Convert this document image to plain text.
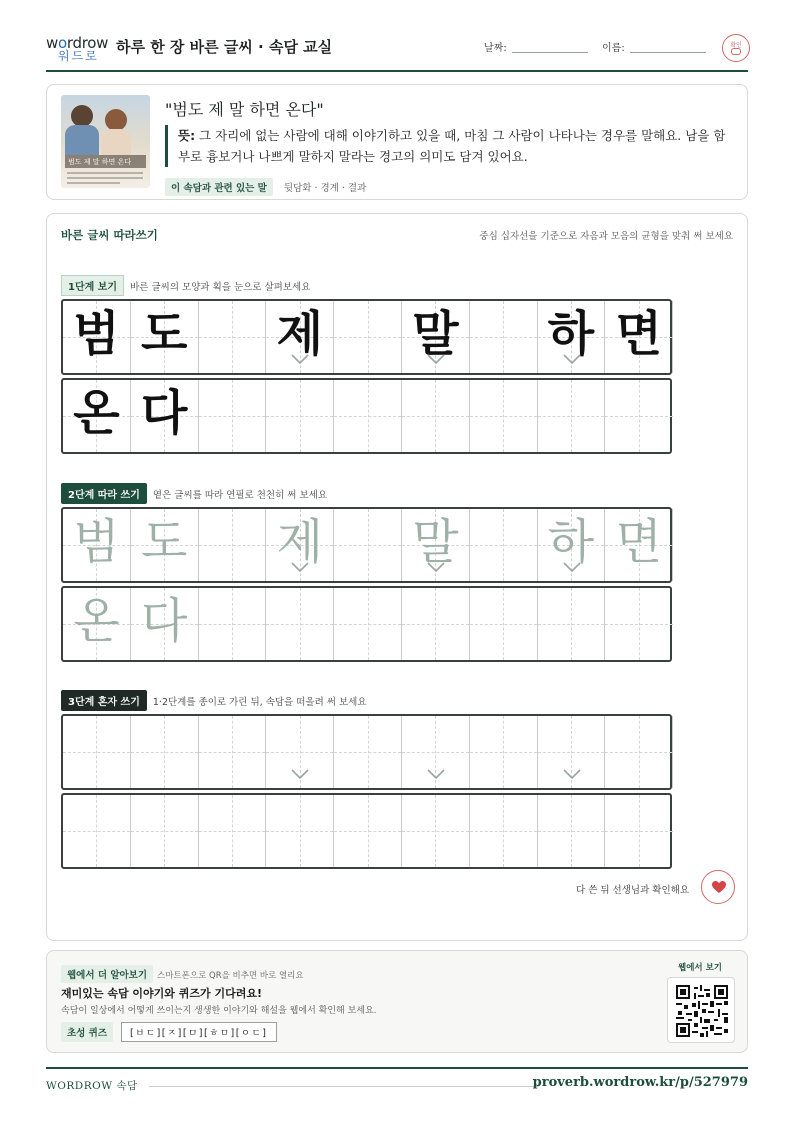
wordrow
워드로 하루 한 장 바른 글씨 · 속담 교실	날짜:	이름:	확인
범도 제 말 하면 온다
"범도 제 말 하면 온다"
뜻: 그 자리에 없는 사람에 대해 이야기하고 있을 때, 마침 그 사람이 나타나는 경우를 말해요. 남을 함부로 흉보거나 나쁘게 말하지 말라는 경고의 의미도 담겨 있어요.
이 속담과 관련 있는 말 뒷담화 · 경계 · 결과
바른 글씨 따라쓰기	중심 십자선을 기준으로 자음과 모음의 균형을 맞춰 써 보세요
1단계 보기 바른 글씨의 모양과 획을 눈으로 살펴보세요
범 도 제 말 하 면
온 다
2단계 따라 쓰기 옅은 글씨를 따라 연필로 천천히 써 보세요
범 도 제 말 하 면
온 다
3단계 혼자 쓰기 1·2단계를 종이로 가린 뒤, 속담을 떠올려 써 보세요
다 쓴 뒤 선생님과 확인해요
웹에서 더 알아보기 스마트폰으로 QR을 비추면 바로 열리요
재미있는 속담 이야기와 퀴즈가 기다려요!
속담이 일상에서 어떻게 쓰이는지 생생한 이야기와 해설을 웹에서 확인해 보세요.
초성 퀴즈 [ㅂㄷ][ㅈ][ㅁ][ㅎㅁ][ㅇㄷ]
웹에서 보기
WORDROW 속담	proverb.wordrow.kr/p/527979
